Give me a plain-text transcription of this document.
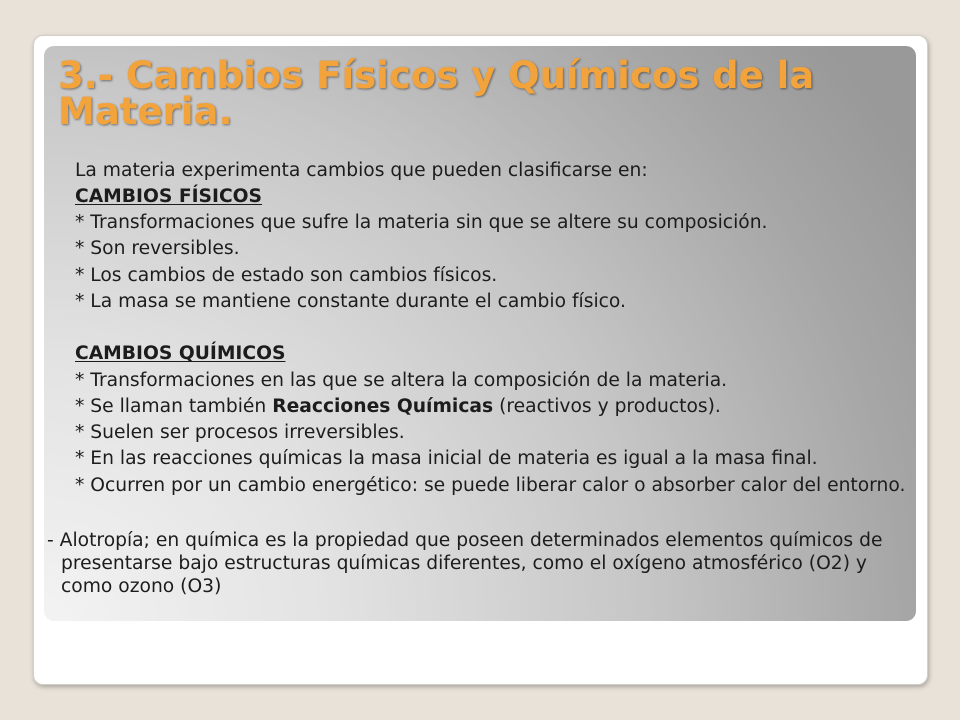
3.- Cambios Físicos y Químicos de la Materia.
La materia experimenta cambios que pueden clasificarse en:
CAMBIOS FÍSICOS
* Transformaciones que sufre la materia sin que se altere su composición.
* Son reversibles.
* Los cambios de estado son cambios físicos.
* La masa se mantiene constante durante el cambio físico.
CAMBIOS QUÍMICOS
* Transformaciones en las que se altera la composición de la materia.
* Se llaman también Reacciones Químicas (reactivos y productos).
* Suelen ser procesos irreversibles.
* En las reacciones químicas la masa inicial de materia es igual a la masa final.
* Ocurren por un cambio energético: se puede liberar calor o absorber calor del entorno.
- Alotropía; en química es la propiedad que poseen determinados elementos químicos de
presentarse bajo estructuras químicas diferentes, como el oxígeno atmosférico (O2) y
como ozono (O3)
